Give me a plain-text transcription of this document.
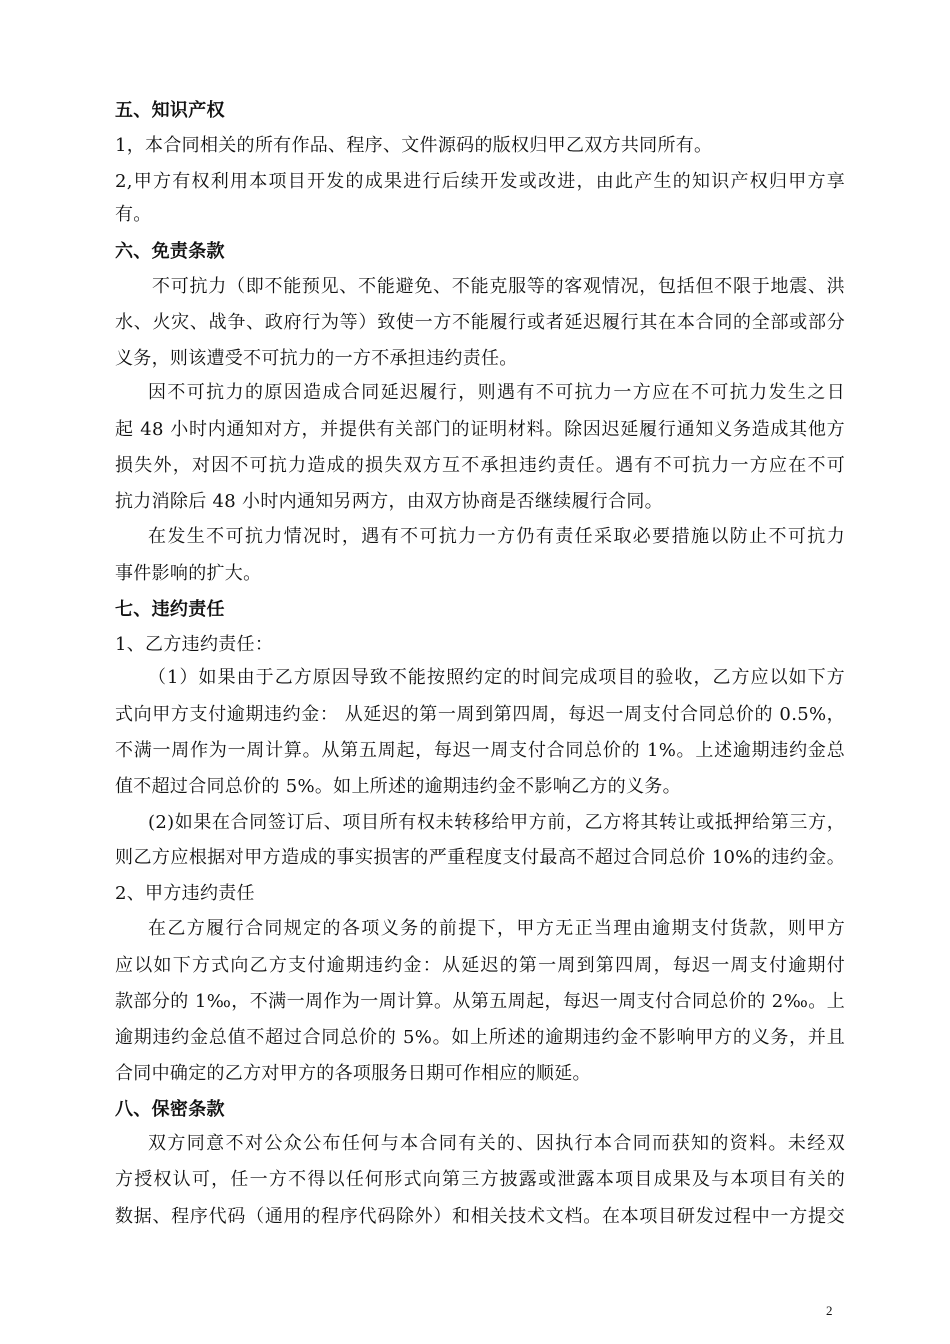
五、知识产权
1，本合同相关的所有作品、程序、文件源码的版权归甲乙双方共同所有。
2,甲方有权利用本项目开发的成果进行后续开发或改进，由此产生的知识产权归甲方享
有。
六、免责条款
不可抗力（即不能预见、不能避免、不能克服等的客观情况，包括但不限于地震、洪
水、火灾、战争、政府行为等）致使一方不能履行或者延迟履行其在本合同的全部或部分
义务，则该遭受不可抗力的一方不承担违约责任。
因不可抗力的原因造成合同延迟履行，则遇有不可抗力一方应在不可抗力发生之日
起 48 小时内通知对方，并提供有关部门的证明材料。除因迟延履行通知义务造成其他方
损失外，对因不可抗力造成的损失双方互不承担违约责任。遇有不可抗力一方应在不可
抗力消除后 48 小时内通知另两方，由双方协商是否继续履行合同。
在发生不可抗力情况时，遇有不可抗力一方仍有责任采取必要措施以防止不可抗力
事件影响的扩大。
七、违约责任
1、乙方违约责任：
（1）如果由于乙方原因导致不能按照约定的时间完成项目的验收，乙方应以如下方
式向甲方支付逾期违约金： 从延迟的第一周到第四周，每迟一周支付合同总价的 0.5%，
不满一周作为一周计算。从第五周起，每迟一周支付合同总价的 1%。上述逾期违约金总
值不超过合同总价的 5%。如上所述的逾期违约金不影响乙方的义务。
(2)如果在合同签订后、项目所有权未转移给甲方前，乙方将其转让或抵押给第三方，
则乙方应根据对甲方造成的事实损害的严重程度支付最高不超过合同总价 10%的违约金。
2、甲方违约责任
在乙方履行合同规定的各项义务的前提下，甲方无正当理由逾期支付货款，则甲方
应以如下方式向乙方支付逾期违约金：从延迟的第一周到第四周，每迟一周支付逾期付
款部分的 1‰，不满一周作为一周计算。从第五周起，每迟一周支付合同总价的 2‰。上
逾期违约金总值不超过合同总价的 5%。如上所述的逾期违约金不影响甲方的义务，并且
合同中确定的乙方对甲方的各项服务日期可作相应的顺延。
八、保密条款
双方同意不对公众公布任何与本合同有关的、因执行本合同而获知的资料。未经双
方授权认可，任一方不得以任何形式向第三方披露或泄露本项目成果及与本项目有关的
数据、程序代码（通用的程序代码除外）和相关技术文档。在本项目研发过程中一方提交
2
